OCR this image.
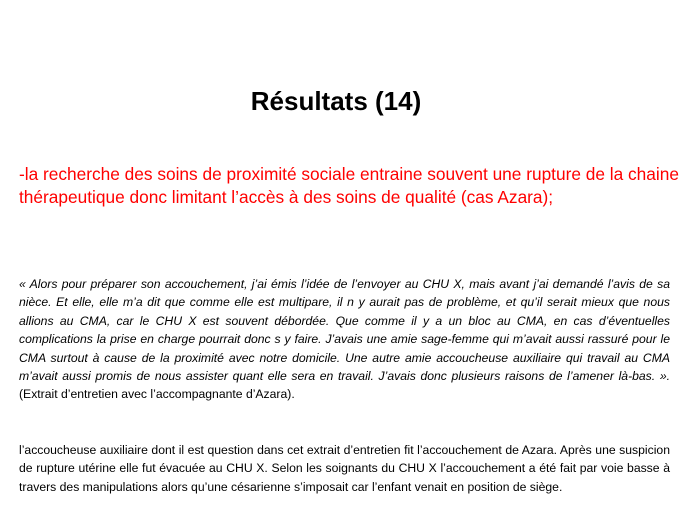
Résultats (14)

-la recherche des soins de proximité sociale entraine souvent une rupture de la chaine thérapeutique donc limitant l’accès à des soins de qualité (cas Azara);

« Alors pour préparer son accouchement, j’ai émis l’idée de l’envoyer au CHU X, mais avant j’ai demandé l’avis de sa nièce. Et elle, elle m’a dit que comme elle est multipare, il n y aurait pas de problème, et qu’il serait mieux que nous allions au CMA, car le CHU X est souvent débordée. Que comme il y a un bloc au CMA, en cas d’éventuelles complications la prise en charge pourrait donc s y faire. J’avais une amie sage-femme qui m’avait aussi rassuré pour le CMA surtout à cause de la proximité avec notre domicile. Une autre amie accoucheuse auxiliaire qui travail au CMA m’avait aussi promis de nous assister quant elle sera en travail. J’avais donc plusieurs raisons de l’amener là-bas. ». (Extrait d’entretien avec l’accompagnante d’Azara).

l’accoucheuse auxiliaire dont il est question dans cet extrait d’entretien fit l’accouchement de Azara. Après une suspicion de rupture utérine elle fut évacuée au CHU X. Selon les soignants du CHU X l’accouchement a été fait par voie basse à travers des manipulations alors qu’une césarienne s’imposait car l’enfant venait en position de siège.
